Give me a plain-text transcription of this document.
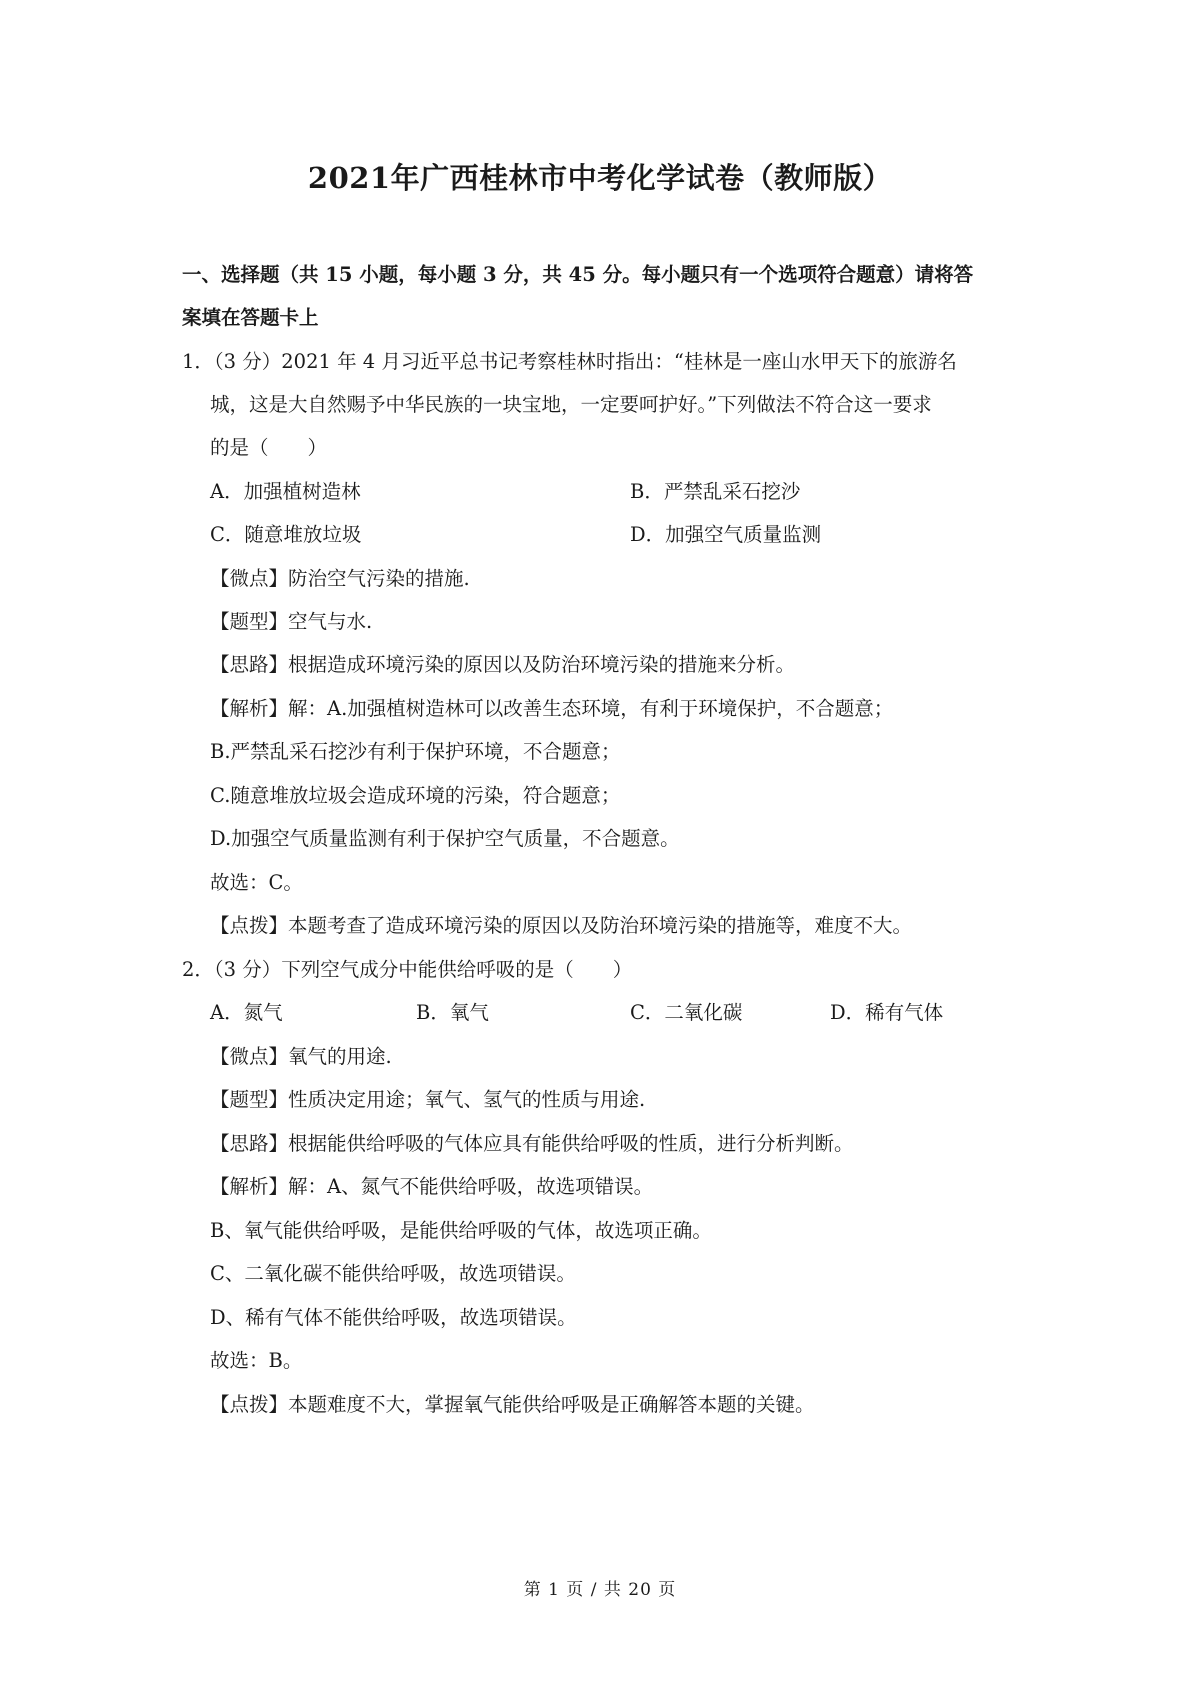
2021年广西桂林市中考化学试卷（教师版）
一、选择题（共 15 小题，每小题 3 分，共 45 分。每小题只有一个选项符合题意）请将答
案填在答题卡上
1．（3 分）2021 年 4 月习近平总书记考察桂林时指出：“桂林是一座山水甲天下的旅游名
城，这是大自然赐予中华民族的一块宝地，一定要呵护好。”下列做法不符合这一要求
的是（　　）
A．加强植树造林	B．严禁乱采石挖沙
C．随意堆放垃圾	D．加强空气质量监测
【微点】防治空气污染的措施.
【题型】空气与水.
【思路】根据造成环境污染的原因以及防治环境污染的措施来分析。
【解析】解：A.加强植树造林可以改善生态环境，有利于环境保护，不合题意；
B.严禁乱采石挖沙有利于保护环境，不合题意；
C.随意堆放垃圾会造成环境的污染，符合题意；
D.加强空气质量监测有利于保护空气质量，不合题意。
故选：C。
【点拨】本题考查了造成环境污染的原因以及防治环境污染的措施等，难度不大。
2．（3 分）下列空气成分中能供给呼吸的是（　　）
A．氮气	B．氧气	C．二氧化碳	D．稀有气体
【微点】氧气的用途.
【题型】性质决定用途；氧气、氢气的性质与用途.
【思路】根据能供给呼吸的气体应具有能供给呼吸的性质，进行分析判断。
【解析】解：A、氮气不能供给呼吸，故选项错误。
B、氧气能供给呼吸，是能供给呼吸的气体，故选项正确。
C、二氧化碳不能供给呼吸，故选项错误。
D、稀有气体不能供给呼吸，故选项错误。
故选：B。
【点拨】本题难度不大，掌握氧气能供给呼吸是正确解答本题的关键。
第 1 页 / 共 20 页
